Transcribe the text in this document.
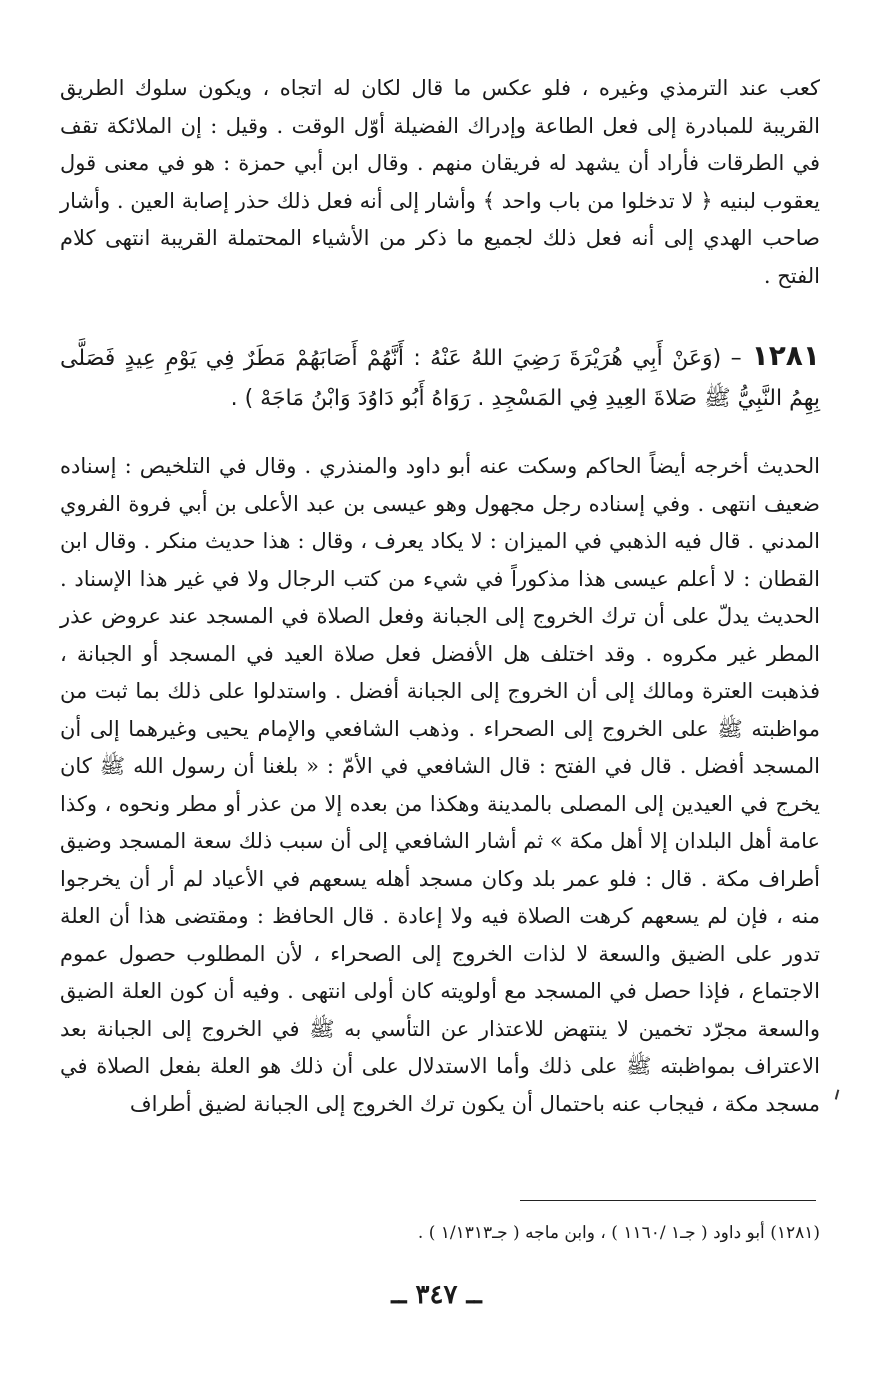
كعب عند الترمذي وغيره ، فلو عكس ما قال لكان له اتجاه ، ويكون سلوك الطريق القريبة للمبادرة إلى فعل الطاعة وإدراك الفضيلة أوّل الوقت . وقيل : إن الملائكة تقف في الطرقات فأراد أن يشهد له فريقان منهم . وقال ابن أبي حمزة : هو في معنى قول يعقوب لبنيه ﴿ لا تدخلوا من باب واحد ﴾ وأشار إلى أنه فعل ذلك حذر إصابة العين . وأشار صاحب الهدي إلى أنه فعل ذلك لجميع ما ذكر من الأشياء المحتملة القريبة انتهى كلام الفتح .
١٢٨١ – (وَعَنْ أَبِي هُرَيْرَةَ رَضِيَ اللهُ عَنْهُ : أَنَّهُمْ أَصَابَهُمْ مَطَرٌ فِي يَوْمِ عِيدٍ فَصَلَّى بِهِمُ النَّبِيُّ ﷺ صَلاةَ العِيدِ فِي المَسْجِدِ . رَوَاهُ أَبُو دَاوُدَ وَابْنُ مَاجَهْ ) .
الحديث أخرجه أيضاً الحاكم وسكت عنه أبو داود والمنذري . وقال في التلخيص : إسناده ضعيف انتهى . وفي إسناده رجل مجهول وهو عيسى بن عبد الأعلى بن أبي فروة الفروي المدني . قال فيه الذهبي في الميزان : لا يكاد يعرف ، وقال : هذا حديث منكر . وقال ابن القطان : لا أعلم عيسى هذا مذكوراً في شيء من كتب الرجال ولا في غير هذا الإسناد . الحديث يدلّ على أن ترك الخروج إلى الجبانة وفعل الصلاة في المسجد عند عروض عذر المطر غير مكروه . وقد اختلف هل الأفضل فعل صلاة العيد في المسجد أو الجبانة ، فذهبت العترة ومالك إلى أن الخروج إلى الجبانة أفضل . واستدلوا على ذلك بما ثبت من مواظبته ﷺ على الخروج إلى الصحراء . وذهب الشافعي والإمام يحيى وغيرهما إلى أن المسجد أفضل . قال في الفتح : قال الشافعي في الأمّ : « بلغنا أن رسول الله ﷺ كان يخرج في العيدين إلى المصلى بالمدينة وهكذا من بعده إلا من عذر أو مطر ونحوه ، وكذا عامة أهل البلدان إلا أهل مكة » ثم أشار الشافعي إلى أن سبب ذلك سعة المسجد وضيق أطراف مكة . قال : فلو عمر بلد وكان مسجد أهله يسعهم في الأعياد لم أر أن يخرجوا منه ، فإن لم يسعهم كرهت الصلاة فيه ولا إعادة . قال الحافظ : ومقتضى هذا أن العلة تدور على الضيق والسعة لا لذات الخروج إلى الصحراء ، لأن المطلوب حصول عموم الاجتماع ، فإذا حصل في المسجد مع أولويته كان أولى انتهى . وفيه أن كون العلة الضيق والسعة مجرّد تخمين لا ينتهض للاعتذار عن التأسي به ﷺ في الخروج إلى الجبانة بعد الاعتراف بمواظبته ﷺ على ذلك وأما الاستدلال على أن ذلك هو العلة بفعل الصلاة في مسجد مكة ، فيجاب عنه باحتمال أن يكون ترك الخروج إلى الجبانة لضيق أطراف
(١٢٨١) أبو داود ( جـ١ /١١٦٠ ) ، وابن ماجه ( جـ١/١٣١٣ ) .
ــ ٣٤٧ ــ
